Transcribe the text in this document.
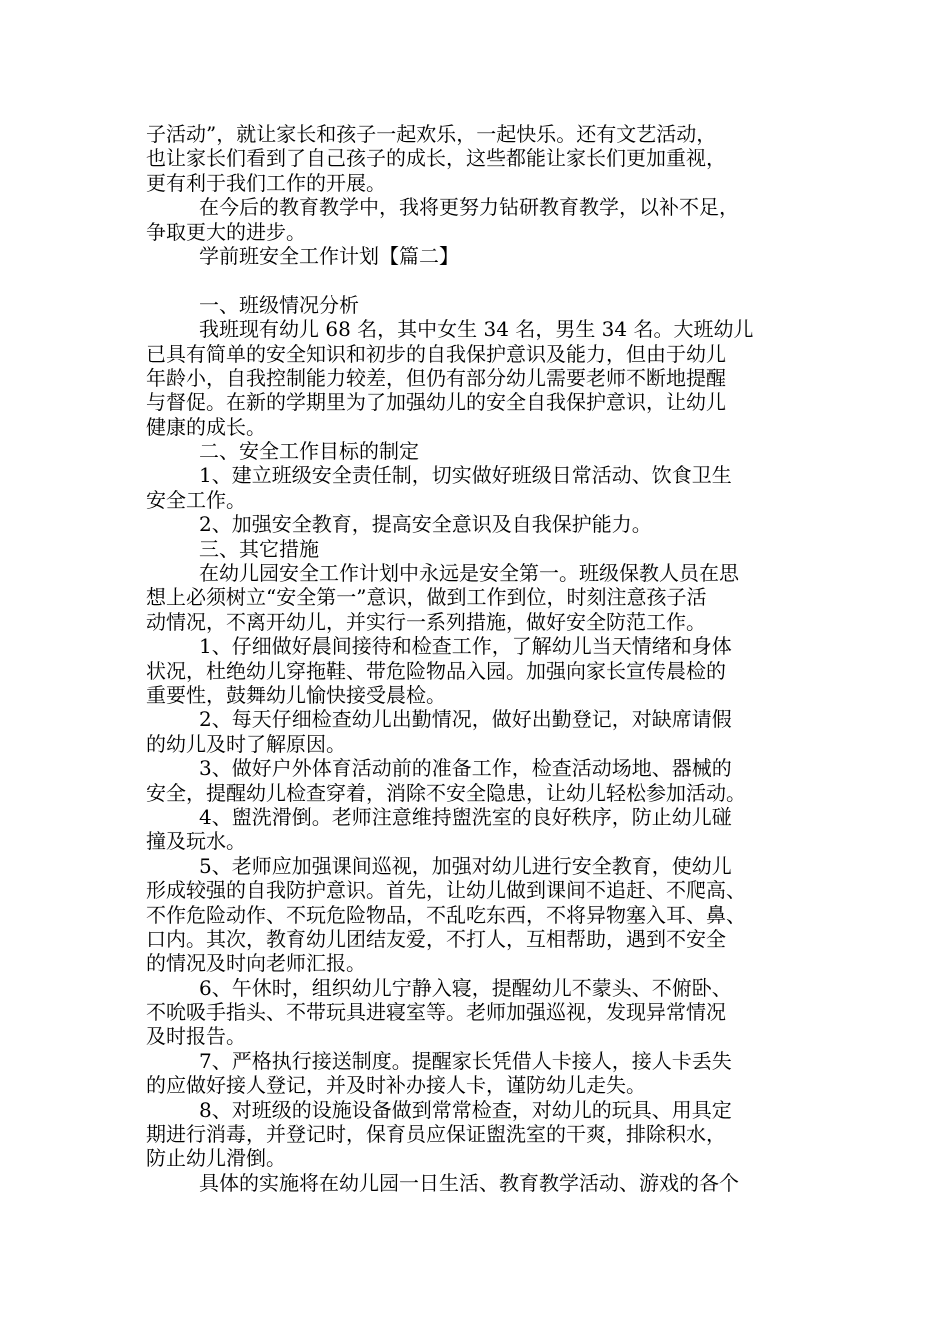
子活动”，就让家长和孩子一起欢乐，一起快乐。还有文艺活动，
也让家长们看到了自己孩子的成长，这些都能让家长们更加重视，
更有利于我们工作的开展。
在今后的教育教学中，我将更努力钻研教育教学，以补不足，
争取更大的进步。
学前班安全工作计划【篇二】
一、班级情况分析
我班现有幼儿 68 名，其中女生 34 名，男生 34 名。大班幼儿
已具有简单的安全知识和初步的自我保护意识及能力，但由于幼儿
年龄小，自我控制能力较差，但仍有部分幼儿需要老师不断地提醒
与督促。在新的学期里为了加强幼儿的安全自我保护意识，让幼儿
健康的成长。
二、安全工作目标的制定
1、建立班级安全责任制，切实做好班级日常活动、饮食卫生
安全工作。
2、加强安全教育，提高安全意识及自我保护能力。
三、其它措施
在幼儿园安全工作计划中永远是安全第一。班级保教人员在思
想上必须树立“安全第一”意识，做到工作到位，时刻注意孩子活
动情况，不离开幼儿，并实行一系列措施，做好安全防范工作。
1、仔细做好晨间接待和检查工作，了解幼儿当天情绪和身体
状况，杜绝幼儿穿拖鞋、带危险物品入园。加强向家长宣传晨检的
重要性，鼓舞幼儿愉快接受晨检。
2、每天仔细检查幼儿出勤情况，做好出勤登记，对缺席请假
的幼儿及时了解原因。
3、做好户外体育活动前的准备工作，检查活动场地、器械的
安全，提醒幼儿检查穿着，消除不安全隐患，让幼儿轻松参加活动。
4、盥洗滑倒。老师注意维持盥洗室的良好秩序，防止幼儿碰
撞及玩水。
5、老师应加强课间巡视，加强对幼儿进行安全教育，使幼儿
形成较强的自我防护意识。首先，让幼儿做到课间不追赶、不爬高、
不作危险动作、不玩危险物品，不乱吃东西，不将异物塞入耳、鼻、
口内。其次，教育幼儿团结友爱，不打人，互相帮助，遇到不安全
的情况及时向老师汇报。
6、午休时，组织幼儿宁静入寝，提醒幼儿不蒙头、不俯卧、
不吮吸手指头、不带玩具进寝室等。老师加强巡视，发现异常情况
及时报告。
7、严格执行接送制度。提醒家长凭借人卡接人，接人卡丢失
的应做好接人登记，并及时补办接人卡，谨防幼儿走失。
8、对班级的设施设备做到常常检查，对幼儿的玩具、用具定
期进行消毒，并登记时，保育员应保证盥洗室的干爽，排除积水，
防止幼儿滑倒。
具体的实施将在幼儿园一日生活、教育教学活动、游戏的各个
